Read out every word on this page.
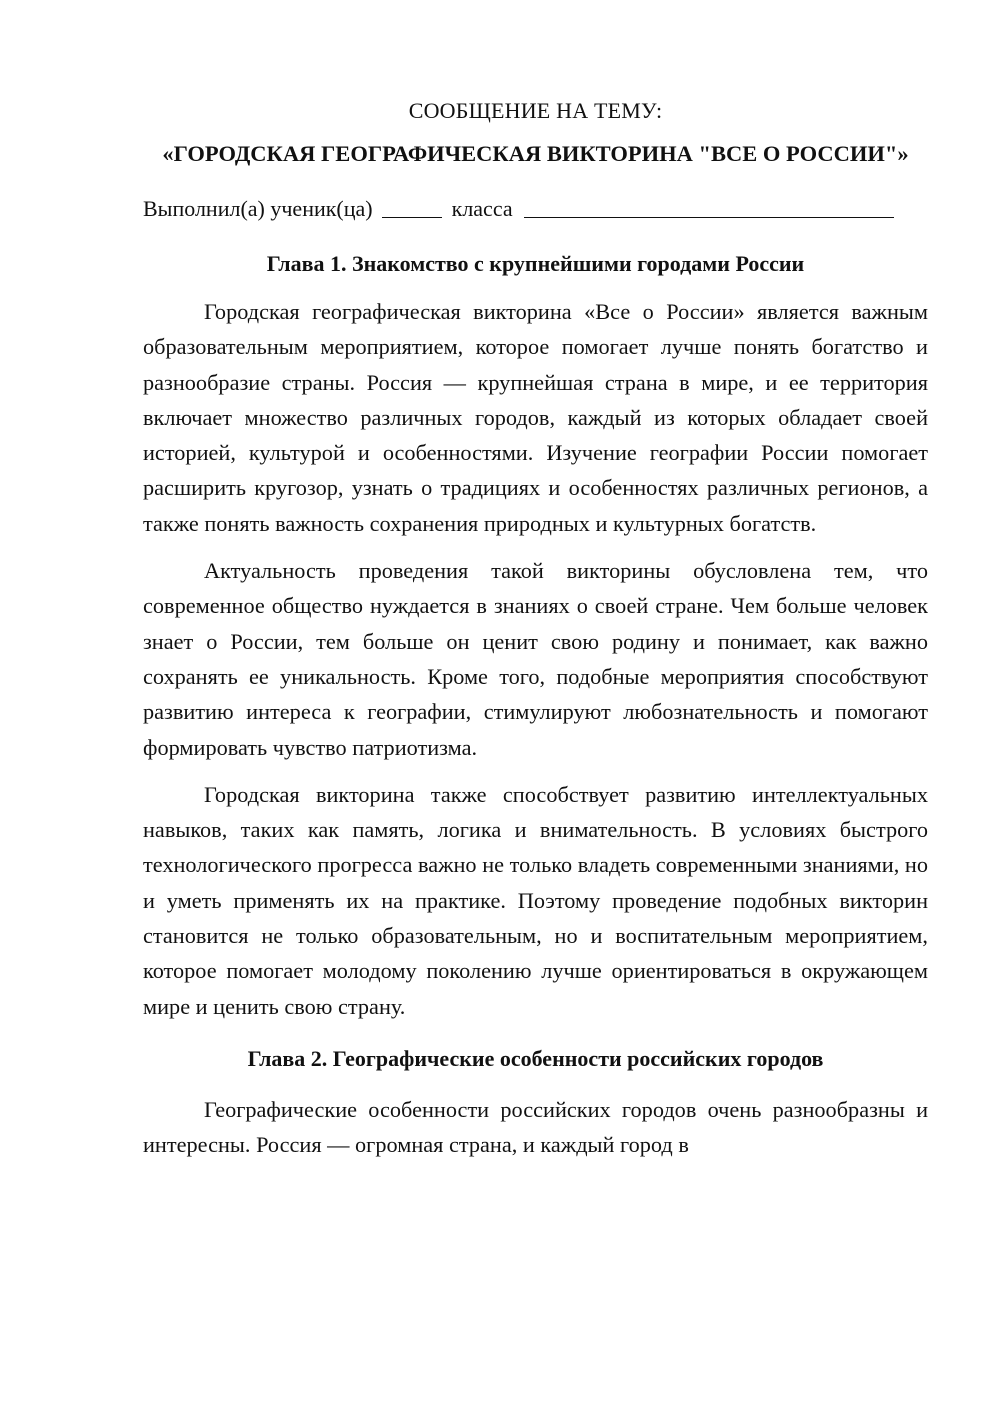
СООБЩЕНИЕ НА ТЕМУ:
«ГОРОДСКАЯ ГЕОГРАФИЧЕСКАЯ ВИКТОРИНА "ВСЕ О РОССИИ"»
Выполнил(а) ученик(ца)	класса
Глава 1. Знакомство с крупнейшими городами России

Городская географическая викторина «Все о России» является важным образовательным мероприятием, которое помогает лучше понять богатство и разнообразие страны. Россия — крупнейшая страна в мире, и ее территория включает множество различных городов, каждый из которых обладает своей историей, культурой и особенностями. Изучение географии России помогает расширить кругозор, узнать о традициях и особенностях различных регионов, а также понять важность сохранения природных и культурных богатств.

Актуальность проведения такой викторины обусловлена тем, что современное общество нуждается в знаниях о своей стране. Чем больше человек знает о России, тем больше он ценит свою родину и понимает, как важно сохранять ее уникальность. Кроме того, подобные мероприятия способствуют развитию интереса к географии, стимулируют любознательность и помогают формировать чувство патриотизма.

Городская викторина также способствует развитию интеллектуальных навыков, таких как память, логика и внимательность. В условиях быстрого технологического прогресса важно не только владеть современными знаниями, но и уметь применять их на практике. Поэтому проведение подобных викторин становится не только образовательным, но и воспитательным мероприятием, которое помогает молодому поколению лучше ориентироваться в окружающем мире и ценить свою страну.

Глава 2. Географические особенности российских городов

Географические особенности российских городов очень разнообразны и интересны. Россия — огромная страна, и каждый город в
